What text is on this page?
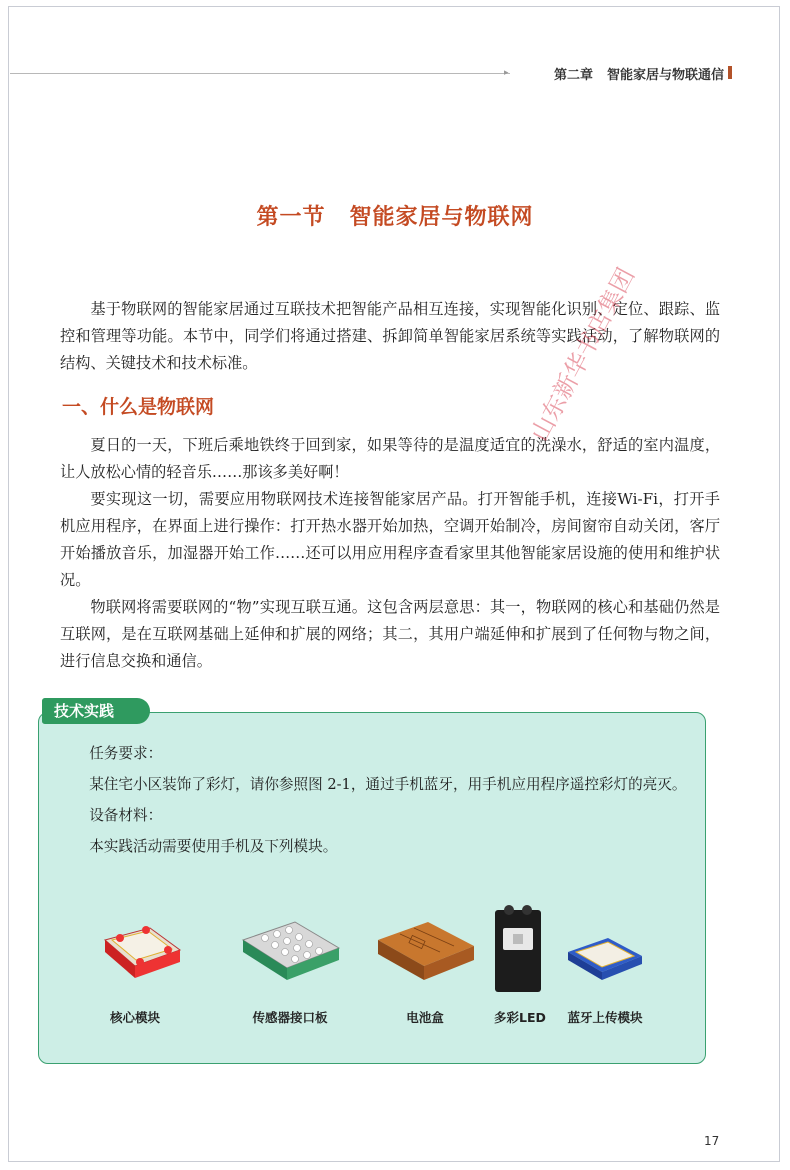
▸	第二章 智能家居与物联通信
第一节 智能家居与物联网

基于物联网的智能家居通过互联技术把智能产品相互连接，实现智能化识别、定位、跟踪、监控和管理等功能。本节中，同学们将通过搭建、拆卸简单智能家居系统等实践活动，了解物联网的结构、关键技术和技术标准。

一、什么是物联网

夏日的一天，下班后乘地铁终于回到家，如果等待的是温度适宜的洗澡水，舒适的室内温度，让人放松心情的轻音乐……那该多美好啊！

要实现这一切，需要应用物联网技术连接智能家居产品。打开智能手机，连接Wi-Fi，打开手机应用程序，在界面上进行操作：打开热水器开始加热，空调开始制冷，房间窗帘自动关闭，客厅开始播放音乐，加湿器开始工作……还可以用应用程序查看家里其他智能家居设施的使用和维护状况。

物联网将需要联网的“物”实现互联互通。这包含两层意思：其一，物联网的核心和基础仍然是互联网，是在互联网基础上延伸和扩展的网络；其二，其用户端延伸和扩展到了任何物与物之间，进行信息交换和通信。

山东新华书店集团
技术实践

任务要求：

某住宅小区装饰了彩灯，请你参照图 2-1，通过手机蓝牙，用手机应用程序遥控彩灯的亮灭。

设备材料：

本实践活动需要使用手机及下列模块。

核心模块	传感器接口板	电池盒	多彩LED 蓝牙上传模块
17
